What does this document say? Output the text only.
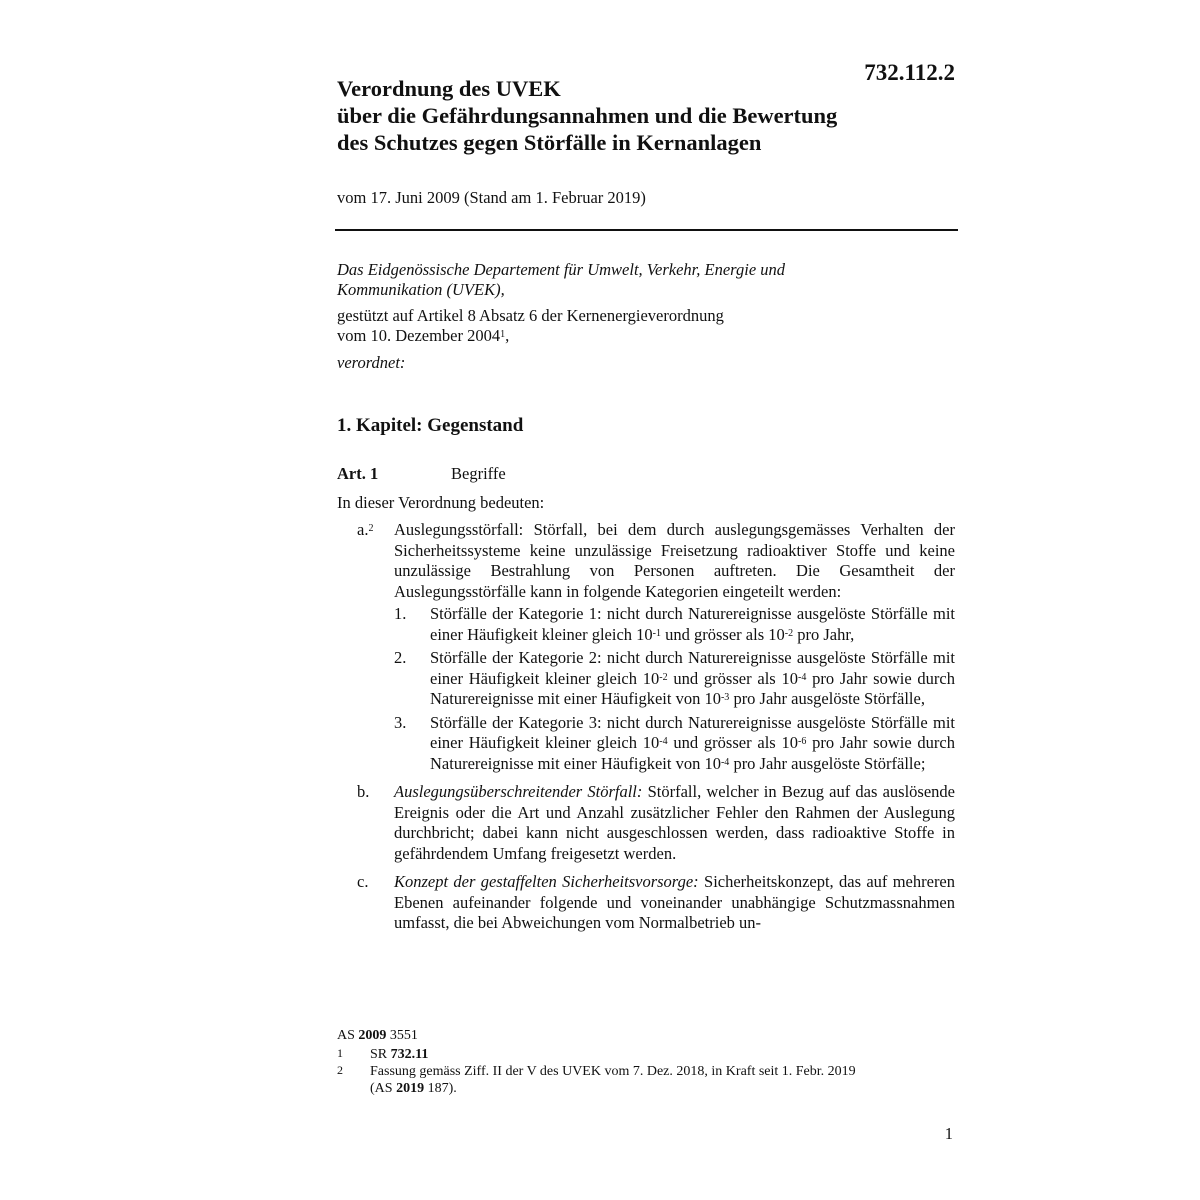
732.112.2
Verordnung des UVEK
über die Gefährdungsannahmen und die Bewertung
des Schutzes gegen Störfälle in Kernanlagen
vom 17. Juni 2009 (Stand am 1. Februar 2019)
Das Eidgenössische Departement für Umwelt, Verkehr, Energie und
Kommunikation (UVEK),
gestützt auf Artikel 8 Absatz 6 der Kernenergieverordnung
vom 10. Dezember 2004$^1$,
verordnet:
1. Kapitel: Gegenstand
Art. 1	Begriffe
In dieser Verordnung bedeuten:
a.$^2$ Auslegungsstörfall: Störfall, bei dem durch auslegungsgemässes Verhalten der Sicherheitssysteme keine unzulässige Freisetzung radioaktiver Stoffe und keine unzulässige Bestrahlung von Personen auftreten. Die Gesamtheit der Auslegungsstörfälle kann in folgende Kategorien eingeteilt werden:
1. Störfälle der Kategorie 1: nicht durch Naturereignisse ausgelöste Störfälle mit einer Häufigkeit kleiner gleich $10^{-1}$ und grösser als $10^{-2}$ pro Jahr,
2. Störfälle der Kategorie 2: nicht durch Naturereignisse ausgelöste Störfälle mit einer Häufigkeit kleiner gleich $10^{-2}$ und grösser als $10^{-4}$ pro Jahr sowie durch Naturereignisse mit einer Häufigkeit von $10^{-3}$ pro Jahr ausgelöste Störfälle,
3. Störfälle der Kategorie 3: nicht durch Naturereignisse ausgelöste Störfälle mit einer Häufigkeit kleiner gleich $10^{-4}$ und grösser als $10^{-6}$ pro Jahr sowie durch Naturereignisse mit einer Häufigkeit von $10^{-4}$ pro Jahr ausgelöste Störfälle;
b. Auslegungsüberschreitender Störfall: Störfall, welcher in Bezug auf das auslösende Ereignis oder die Art und Anzahl zusätzlicher Fehler den Rahmen der Auslegung durchbricht; dabei kann nicht ausgeschlossen werden, dass radioaktive Stoffe in gefährdendem Umfang freigesetzt werden.
c. Konzept der gestaffelten Sicherheitsvorsorge: Sicherheitskonzept, das auf mehreren Ebenen aufeinander folgende und voneinander unabhängige Schutzmassnahmen umfasst, die bei Abweichungen vom Normalbetrieb un-
AS 2009 3551
1 SR 732.11
2 Fassung gemäss Ziff. II der V des UVEK vom 7. Dez. 2018, in Kraft seit 1. Febr. 2019
(AS 2019 187).
1
